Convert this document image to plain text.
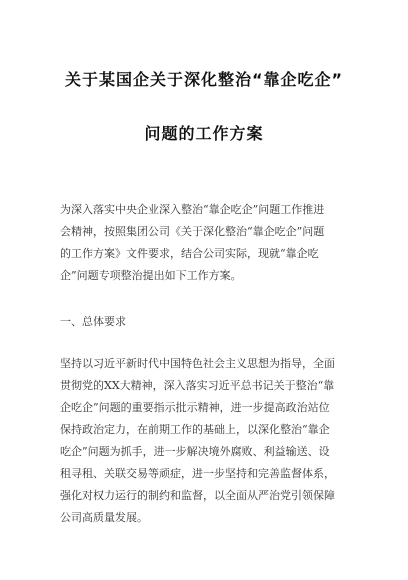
关于某国企关于深化整治“靠企吃企”
问题的工作方案
为深入落实中央企业深入整治“靠企吃企”问题工作推进
会精神，按照集团公司《关于深化整治“靠企吃企”问题
的工作方案》文件要求，结合公司实际，现就“靠企吃
企”问题专项整治提出如下工作方案。
一、总体要求
坚持以习近平新时代中国特色社会主义思想为指导，全面
贯彻党的XX大精神，深入落实习近平总书记关于整治“靠
企吃企”问题的重要指示批示精神，进一步提高政治站位
保持政治定力，在前期工作的基础上，以深化整治“靠企
吃企”问题为抓手，进一步解决境外腐败、利益输送、设
租寻租、关联交易等顽症，进一步坚持和完善监督体系，
强化对权力运行的制约和监督，以全面从严治党引领保障
公司高质量发展。
